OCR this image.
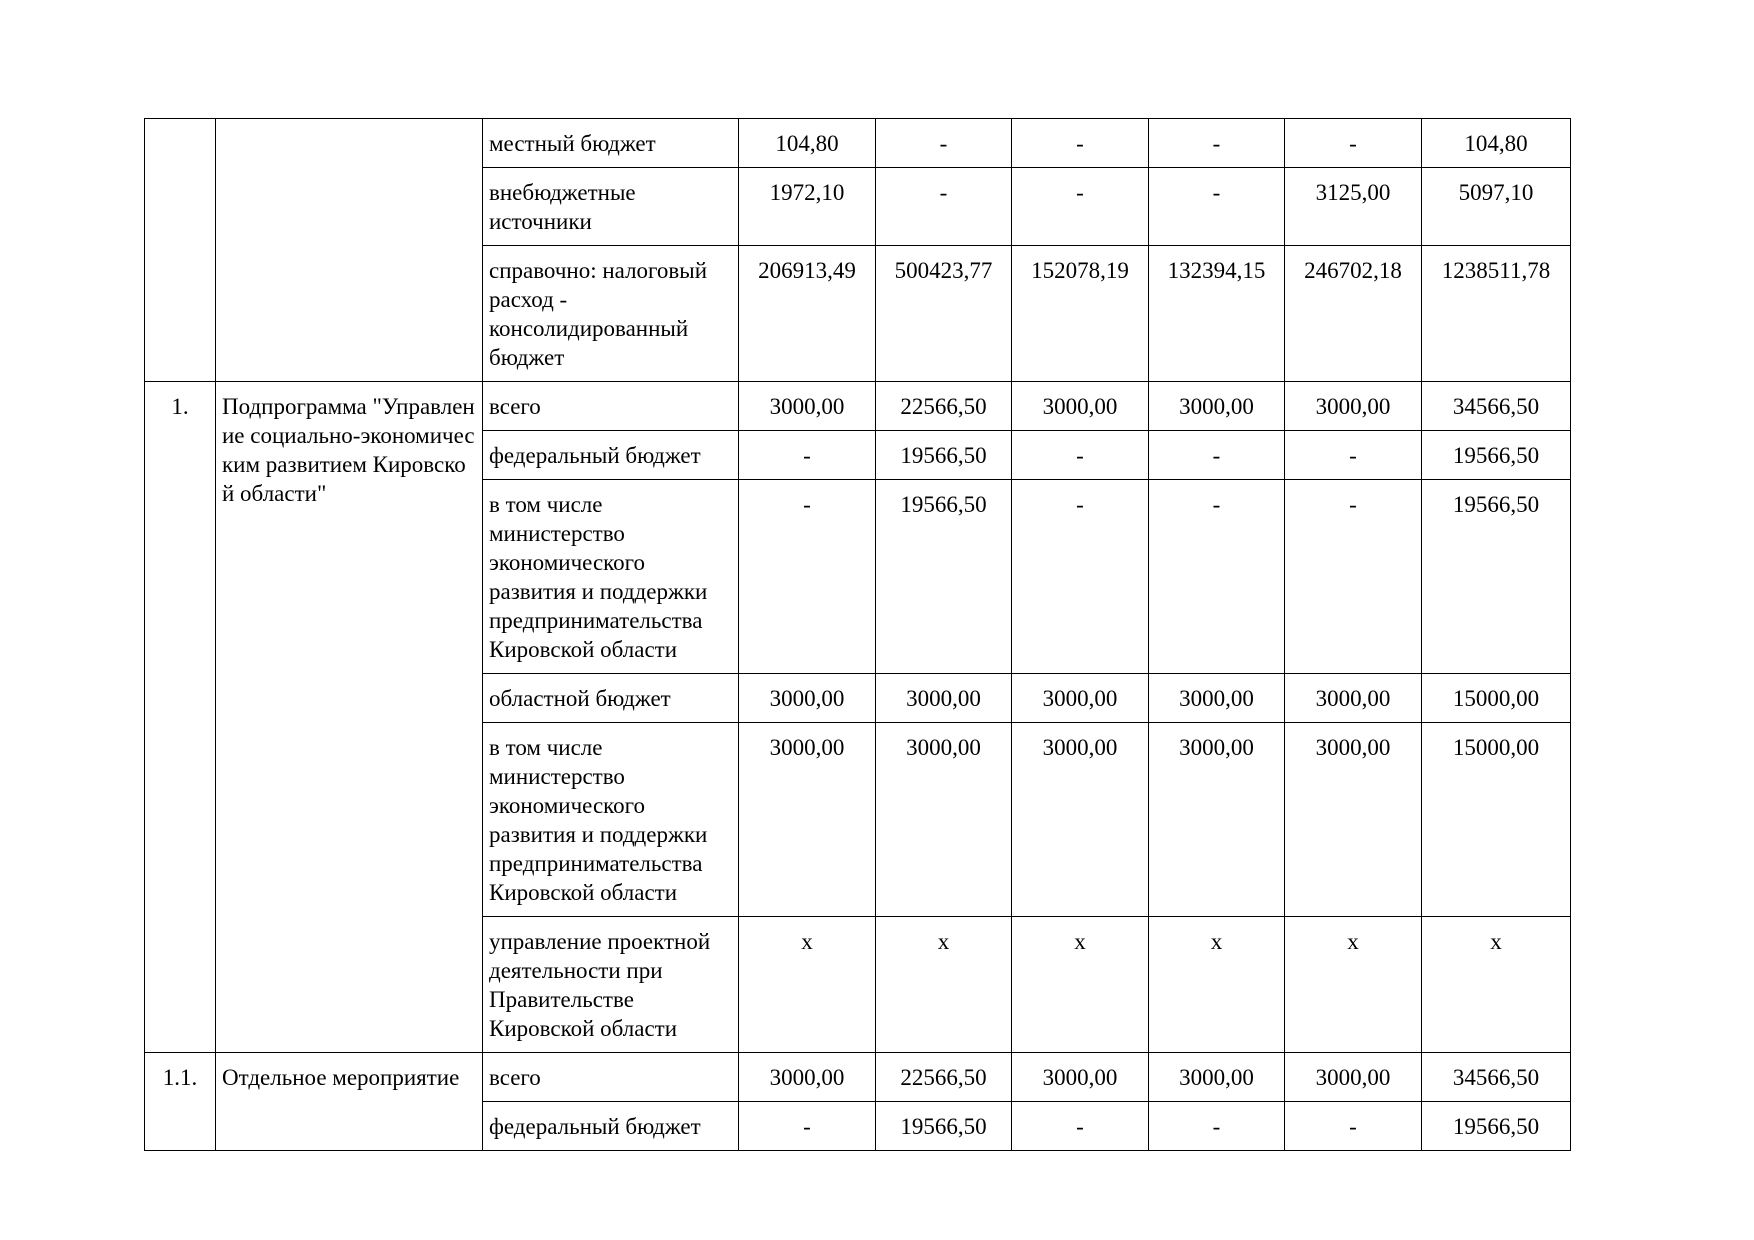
		местный бюджет	104,80	-	-	-	-	104,80
		внебюджетные источники	1972,10	-	-	-	3125,00	5097,10
		справочно: налоговый расход - консолидированный бюджет	206913,49	500423,77	152078,19	132394,15	246702,18	1238511,78
1.	Подпрограмма "Управление социально-экономическим развитием Кировской области"	всего	3000,00	22566,50	3000,00	3000,00	3000,00	34566,50
		федеральный бюджет	-	19566,50	-	-	-	19566,50
		в том числе министерство экономического развития и поддержки предпринимательства Кировской области	-	19566,50	-	-	-	19566,50
		областной бюджет	3000,00	3000,00	3000,00	3000,00	3000,00	15000,00
		в том числе министерство экономического развития и поддержки предпринимательства Кировской области	3000,00	3000,00	3000,00	3000,00	3000,00	15000,00
		управление проектной деятельности при Правительстве Кировской области	x	x	x	x	x	x
1.1.	Отдельное мероприятие	всего	3000,00	22566,50	3000,00	3000,00	3000,00	34566,50
		федеральный бюджет	-	19566,50	-	-	-	19566,50
